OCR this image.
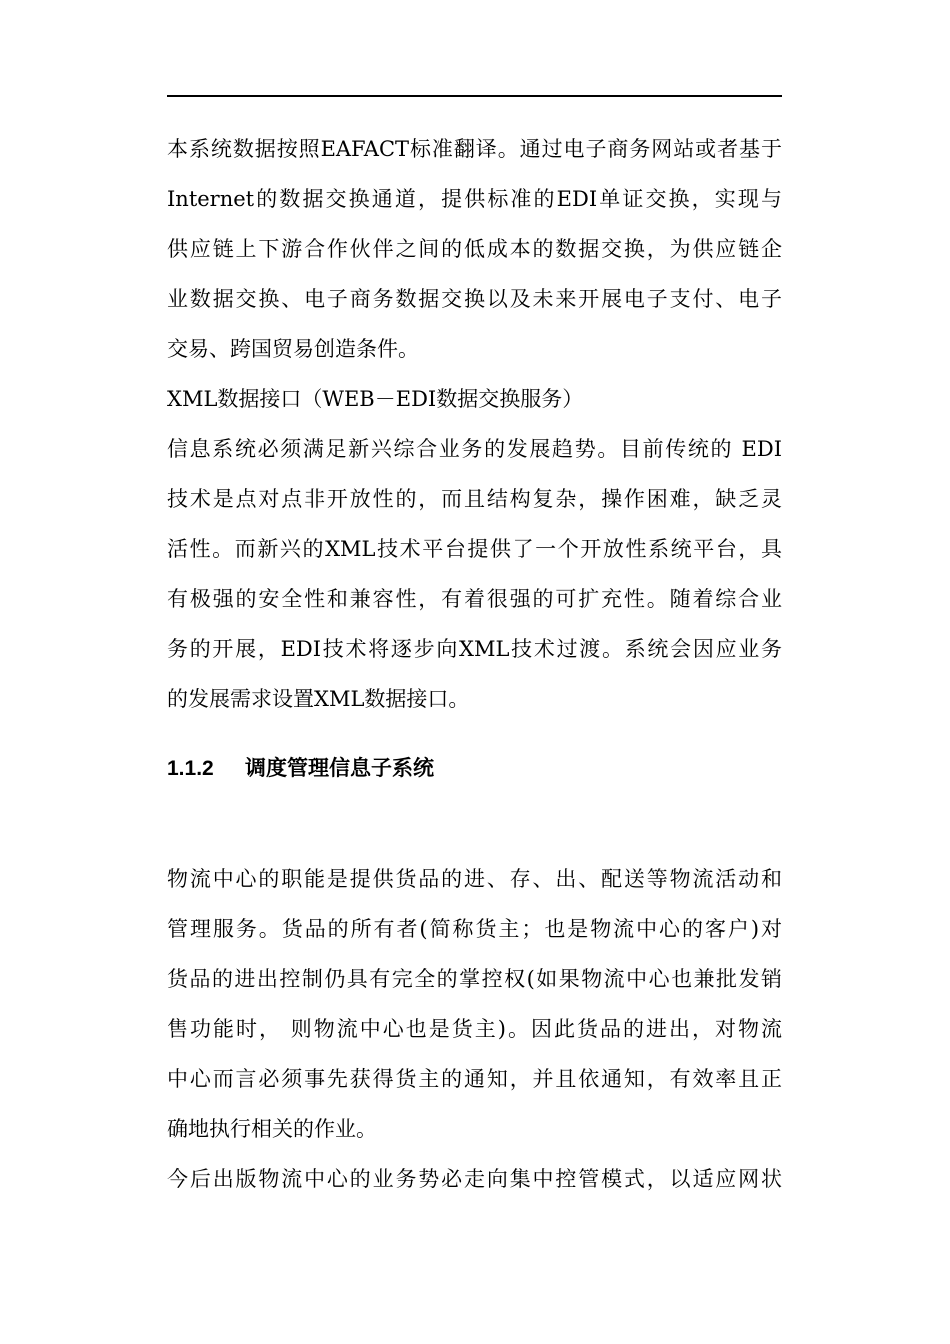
本系统数据按照EAFACT标准翻译。通过电子商务网站或者基于
Internet的数据交换通道，提供标准的EDI单证交换，实现与
供应链上下游合作伙伴之间的低成本的数据交换，为供应链企
业数据交换、电子商务数据交换以及未来开展电子支付、电子
交易、跨国贸易创造条件。
XML数据接口（WEB－EDI数据交换服务）
信息系统必须满足新兴综合业务的发展趋势。目前传统的 EDI
技术是点对点非开放性的，而且结构复杂，操作困难，缺乏灵
活性。而新兴的XML技术平台提供了一个开放性系统平台，具
有极强的安全性和兼容性，有着很强的可扩充性。随着综合业
务的开展，EDI技术将逐步向XML技术过渡。系统会因应业务
的发展需求设置XML数据接口。
1.1.2 调度管理信息子系统
物流中心的职能是提供货品的进、存、出、配送等物流活动和
管理服务。货品的所有者(简称货主；也是物流中心的客户)对
货品的进出控制仍具有完全的掌控权(如果物流中心也兼批发销
售功能时， 则物流中心也是货主)。因此货品的进出，对物流
中心而言必须事先获得货主的通知，并且依通知，有效率且正
确地执行相关的作业。
今后出版物流中心的业务势必走向集中控管模式，以适应网状
